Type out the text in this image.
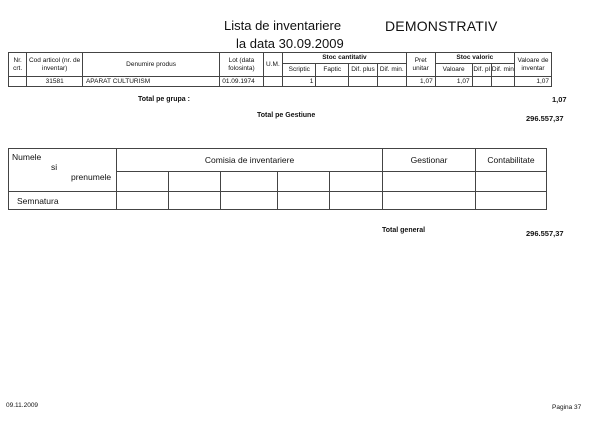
Lista de inventariere
la data 30.09.2009
DEMONSTRATIV
Nr. crt.	Cod articol (nr. de inventar)	Denumire produs	Lot (data folosinta)	U.M.	Stoc cantitativ				Pret unitar	Stoc valoric			Valoare de inventar
					Scriptic	Faptic	Dif. plus	Dif. min.		Valoare	Dif. pl	Dif. min	
	31581	APARAT CULTURISM	01.09.1974		1				1,07	1,07			1,07
Total pe grupa :	1,07
Total pe Gestiune	296.557,37
Numele
si
prenumele	Comisia de inventariere					Gestionar	Contabilitate

Semnatura							
Total general	296.557,37
09.11.2009	Pagina 37
